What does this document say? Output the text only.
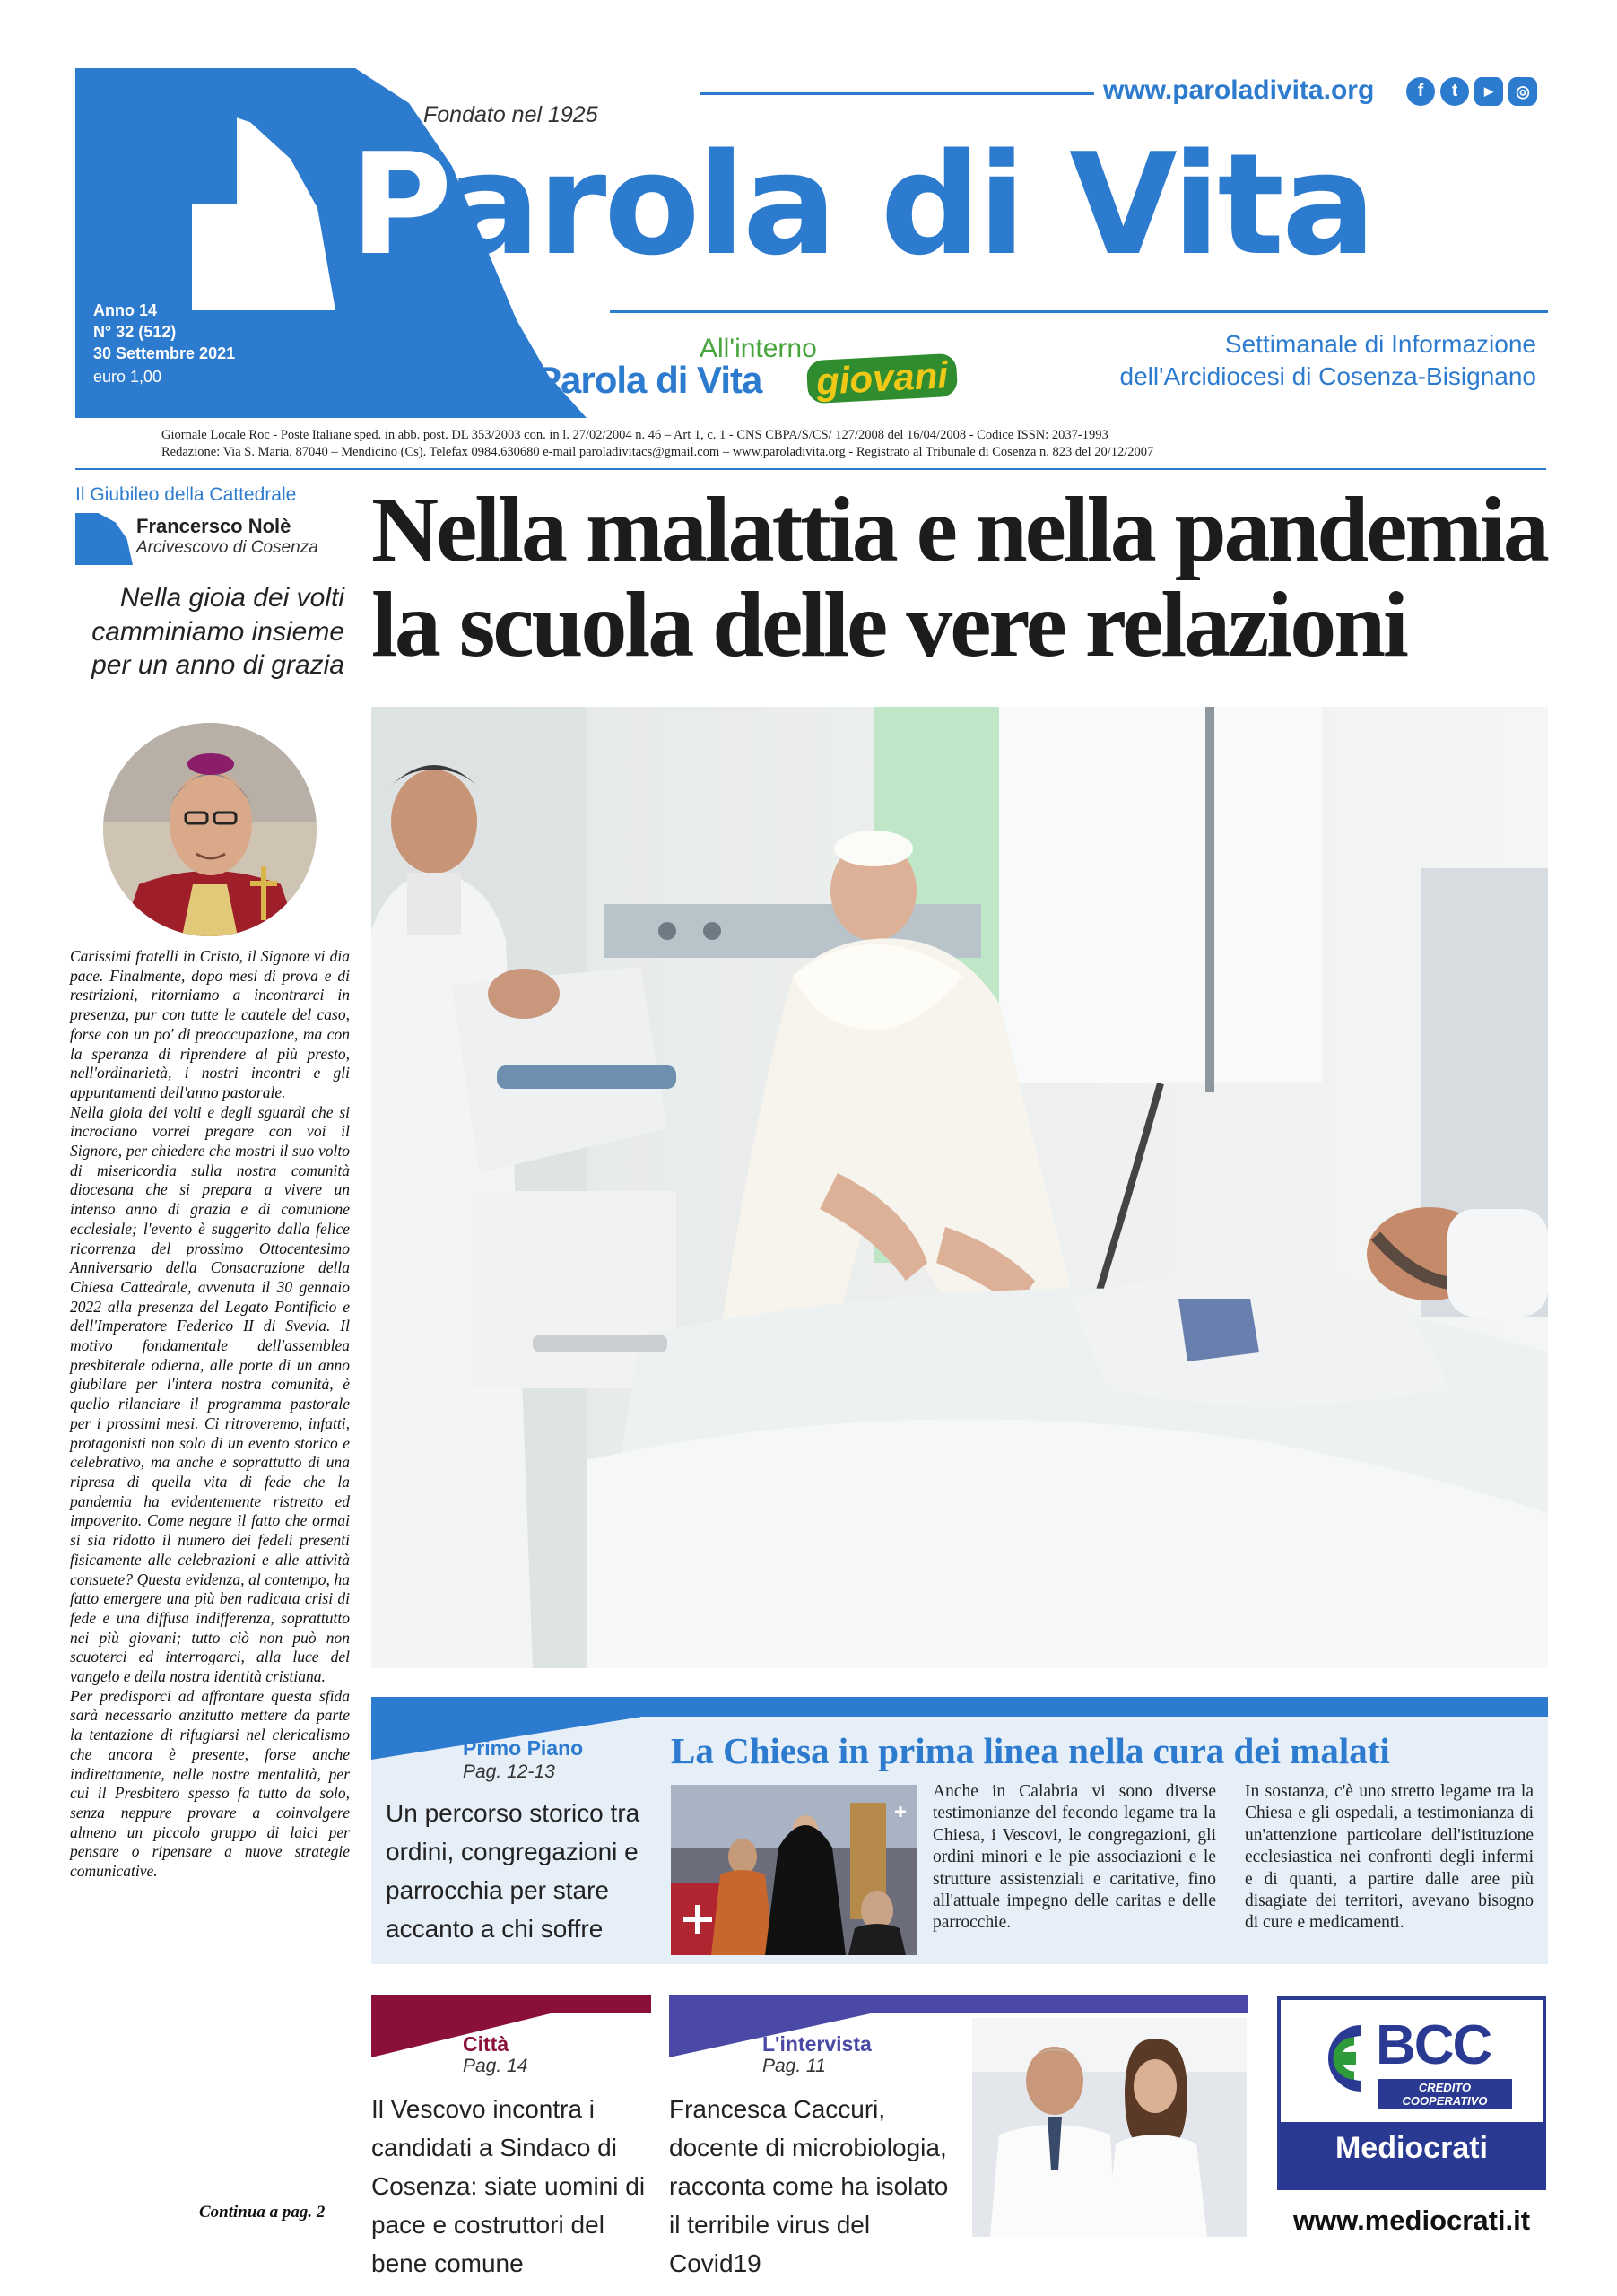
Fondato nel 1925
Parola di Vita
www.paroladivita.org	f	t	▶	◎
Anno 14
N° 32 (512)
30 Settembre 2021
euro 1,00
All'interno
Parola di Vita giovani
Settimanale di Informazione
dell'Arcidiocesi di Cosenza-Bisignano
Giornale Locale Roc - Poste Italiane sped. in abb. post. DL 353/2003 con. in l. 27/02/2004 n. 46 – Art 1, c. 1 - CNS CBPA/S/CS/ 127/2008 del 16/04/2008 - Codice ISSN: 2037-1993
Redazione: Via S. Maria, 87040 – Mendicino (Cs). Telefax 0984.630680 e-mail paroladivitacs@gmail.com – www.paroladivita.org - Registrato al Tribunale di Cosenza n. 823 del 20/12/2007
Il Giubileo della Cattedrale
Francersco Nolè
Arcivescovo di Cosenza
Nella gioia dei volti
camminiamo insieme
per un anno di grazia

Carissimi fratelli in Cristo, il Signore vi dia pace. Finalmente, dopo mesi di prova e di restrizioni, ritorniamo a incontrarci in presenza, pur con tutte le cautele del caso, forse con un po' di preoccupazione, ma con la speranza di riprendere al più presto, nell'ordinarietà, i nostri incontri e gli appuntamenti dell'anno pastorale.

Nella gioia dei volti e degli sguardi che si incrociano vorrei pregare con voi il Signore, per chiedere che mostri il suo volto di misericordia sulla nostra comunità diocesana che si prepara a vivere un intenso anno di grazia e di comunione ecclesiale; l'evento è suggerito dalla felice ricorrenza del prossimo Ottocentesimo Anniversario della Consacrazione della Chiesa Cattedrale, avvenuta il 30 gennaio 2022 alla presenza del Legato Pontificio e dell'Imperatore Federico II di Svevia. Il motivo fondamentale dell'assemblea presbiterale odierna, alle porte di un anno giubilare per l'intera nostra comunità, è quello rilanciare il programma pastorale per i prossimi mesi. Ci ritroveremo, infatti, protagonisti non solo di un evento storico e celebrativo, ma anche e soprattutto di una ripresa di quella vita di fede che la pandemia ha evidentemente ristretto ed impoverito. Come negare il fatto che ormai si sia ridotto il numero dei fedeli presenti fisicamente alle celebrazioni e alle attività consuete? Questa evidenza, al contempo, ha fatto emergere una più ben radicata crisi di fede e una diffusa indifferenza, soprattutto nei più giovani; tutto ciò non può non scuoterci ed interrogarci, alla luce del vangelo e della nostra identità cristiana.

Per predisporci ad affrontare questa sfida sarà necessario anzitutto mettere da parte la tentazione di rifugiarsi nel clericalismo che ancora è presente, forse anche indirettamente, nelle nostre mentalità, per cui il Presbitero spesso fa tutto da solo, senza neppure provare a coinvolgere almeno un piccolo gruppo di laici per pensare o ripensare a nuove strategie comunicative.

Continua a pag. 2
Nella malattia e nella pandemia
la scuola delle vere relazioni
Primo Piano
Pag. 12-13
Un percorso storico tra ordini, congregazioni e parrocchia per stare accanto a chi soffre
La Chiesa in prima linea nella cura dei malati
Anche in Calabria vi sono diverse testimonianze del fecondo legame tra la Chiesa, i Vescovi, le congregazioni, gli ordini minori e le pie associazioni e le strutture assistenziali e caritative, fino all'attuale impegno delle caritas e delle parrocchie.
In sostanza, c'è uno stretto legame tra la Chiesa e gli ospedali, a testimonianza di un'attenzione particolare dell'istituzione ecclesiastica nei confronti degli infermi e di quanti, a partire dalle aree più disagiate dei territori, avevano bisogno di cure e medicamenti.
Città
Pag. 14
Il Vescovo incontra i candidati a Sindaco di Cosenza: siate uomini di pace e costruttori del bene comune
L'intervista
Pag. 11
Francesca Caccuri, docente di microbiologia, racconta come ha isolato il terribile virus del Covid19
BCC
CREDITO COOPERATIVO
Mediocrati
www.mediocrati.it
